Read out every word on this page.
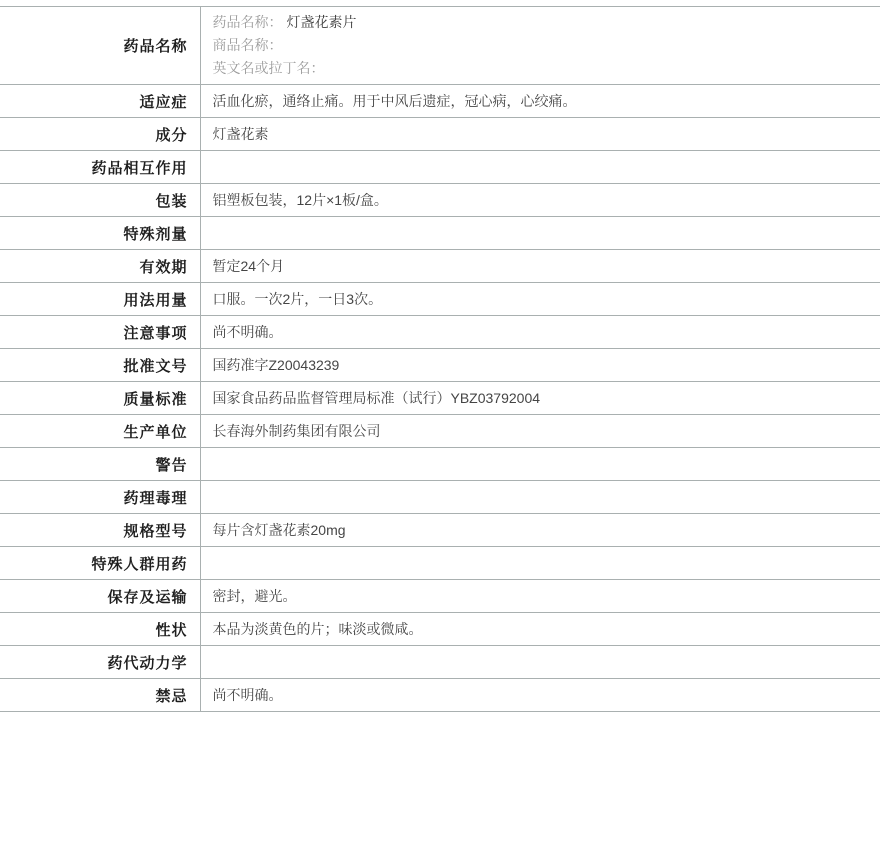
药品名称	药品名称： 灯盏花素片
商品名称：
英文名或拉丁名：

适应症	活血化瘀，通络止痛。用于中风后遗症，冠心病，心绞痛。
成分	灯盏花素
药品相互作用	
包装	铝塑板包装，12片×1板/盒。
特殊剂量	
有效期	暂定24个月
用法用量	口服。一次2片，一日3次。
注意事项	尚不明确。
批准文号	国药准字Z20043239
质量标准	国家食品药品监督管理局标准（试行）YBZ03792004
生产单位	长春海外制药集团有限公司
警告	
药理毒理	
规格型号	每片含灯盏花素20mg
特殊人群用药	
保存及运输	密封，避光。
性状	本品为淡黄色的片；味淡或微咸。
药代动力学	
禁忌	尚不明确。
